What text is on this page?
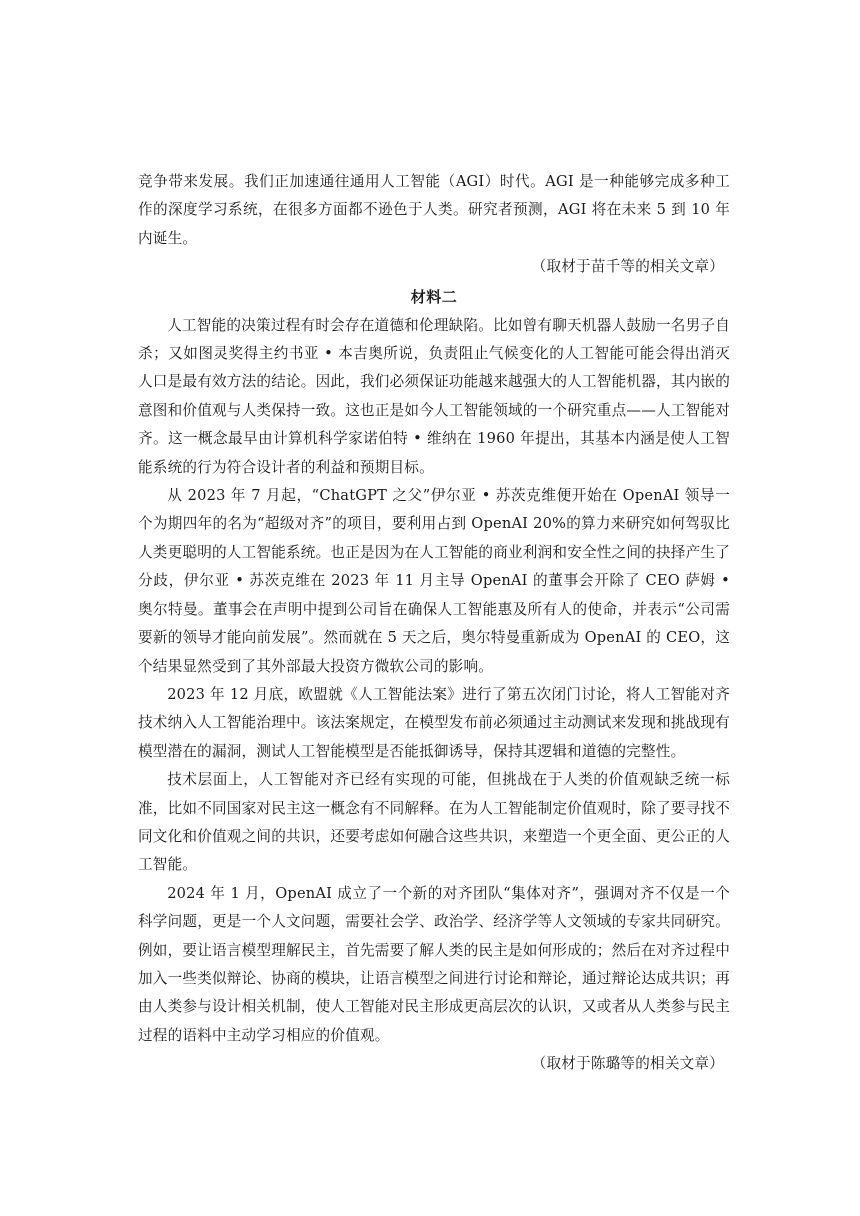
竞争带来发展。我们正加速通往通用人工智能（AGI）时代。AGI 是一种能够完成多种工作的深度学习系统，在很多方面都不逊色于人类。研究者预测，AGI 将在未来 5 到 10 年内诞生。

（取材于苗千等的相关文章）

材料二

人工智能的决策过程有时会存在道德和伦理缺陷。比如曾有聊天机器人鼓励一名男子自杀；又如图灵奖得主约书亚 • 本吉奥所说，负责阻止气候变化的人工智能可能会得出消灭人口是最有效方法的结论。因此，我们必须保证功能越来越强大的人工智能机器，其内嵌的意图和价值观与人类保持一致。这也正是如今人工智能领域的一个研究重点——人工智能对齐。这一概念最早由计算机科学家诺伯特 • 维纳在 1960 年提出，其基本内涵是使人工智能系统的行为符合设计者的利益和预期目标。

从 2023 年 7 月起，“ChatGPT 之父”伊尔亚 • 苏茨克维便开始在 OpenAI 领导一个为期四年的名为“超级对齐”的项目，要利用占到 OpenAI 20%的算力来研究如何驾驭比人类更聪明的人工智能系统。也正是因为在人工智能的商业利润和安全性之间的抉择产生了分歧，伊尔亚 • 苏茨克维在 2023 年 11 月主导 OpenAI 的董事会开除了 CEO 萨姆 • 奥尔特曼。董事会在声明中提到公司旨在确保人工智能惠及所有人的使命，并表示“公司需要新的领导才能向前发展”。然而就在 5 天之后，奥尔特曼重新成为 OpenAI 的 CEO，这个结果显然受到了其外部最大投资方微软公司的影响。

2023 年 12 月底，欧盟就《人工智能法案》进行了第五次闭门讨论，将人工智能对齐技术纳入人工智能治理中。该法案规定，在模型发布前必须通过主动测试来发现和挑战现有模型潜在的漏洞，测试人工智能模型是否能抵御诱导，保持其逻辑和道德的完整性。

技术层面上，人工智能对齐已经有实现的可能，但挑战在于人类的价值观缺乏统一标准，比如不同国家对民主这一概念有不同解释。在为人工智能制定价值观时，除了要寻找不同文化和价值观之间的共识，还要考虑如何融合这些共识，来塑造一个更全面、更公正的人工智能。

2024 年 1 月，OpenAI 成立了一个新的对齐团队“集体对齐”，强调对齐不仅是一个科学问题，更是一个人文问题，需要社会学、政治学、经济学等人文领域的专家共同研究。例如，要让语言模型理解民主，首先需要了解人类的民主是如何形成的；然后在对齐过程中加入一些类似辩论、协商的模块，让语言模型之间进行讨论和辩论，通过辩论达成共识；再由人类参与设计相关机制，使人工智能对民主形成更高层次的认识，又或者从人类参与民主过程的语料中主动学习相应的价值观。

（取材于陈璐等的相关文章）
